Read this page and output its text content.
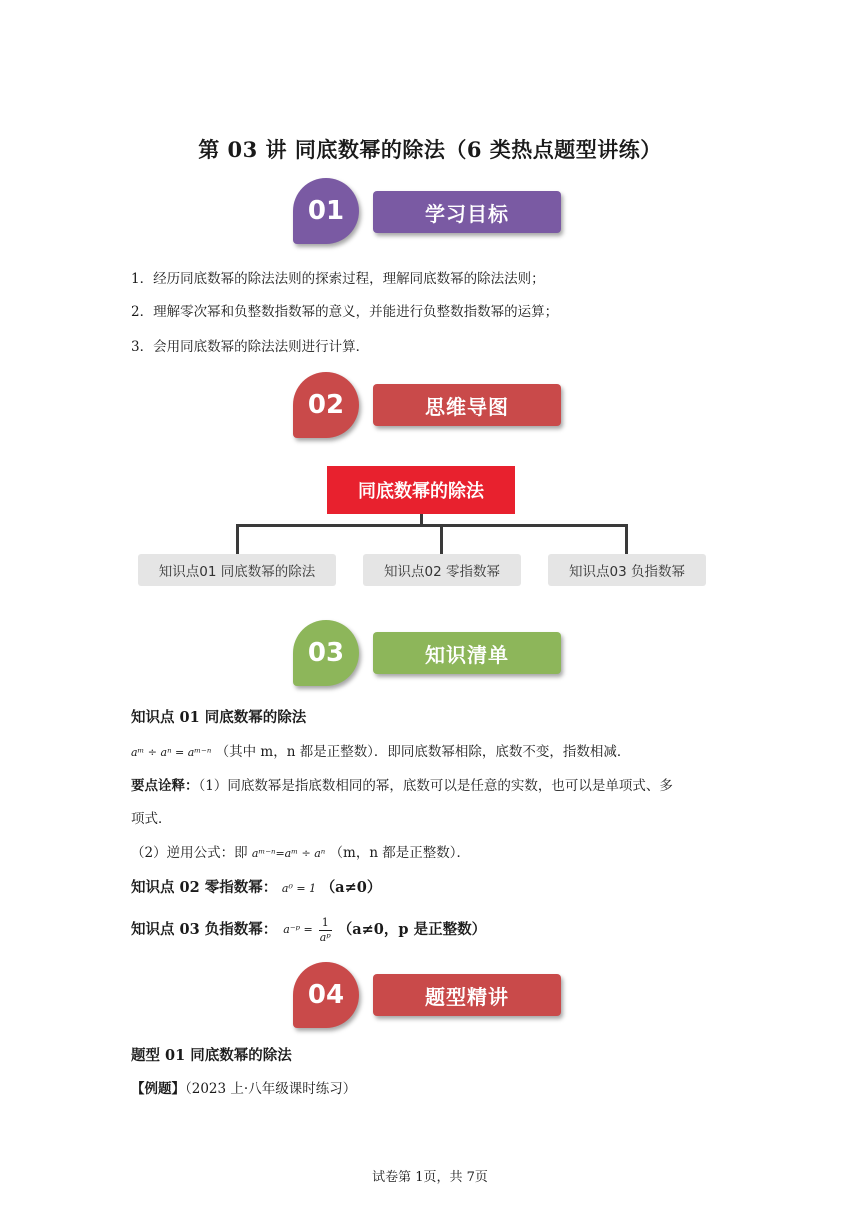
第 03 讲 同底数幂的除法（6 类热点题型讲练）
01	学习目标
1．经历同底数幂的除法法则的探索过程，理解同底数幂的除法法则；
2．理解零次幂和负整数指数幂的意义，并能进行负整数指数幂的运算；
3．会用同底数幂的除法法则进行计算．
02	思维导图
同底数幂的除法
知识点01 同底数幂的除法	知识点02 零指数幂	知识点03 负指数幂
03	知识清单
知识点 01 同底数幂的除法
aᵐ ÷ aⁿ = aᵐ⁻ⁿ （其中 m，n 都是正整数）．即同底数幂相除，底数不变，指数相减．
要点诠释：（1）同底数幂是指底数相同的幂，底数可以是任意的实数，也可以是单项式、多
项式．
（2）逆用公式：即 aᵐ⁻ⁿ=aᵐ ÷ aⁿ （m，n 都是正整数）．
知识点 02 零指数幂： a⁰ = 1 （a≠0）
知识点 03 负指数幂： a⁻ᵖ = $\frac{1}{\text{aᵖ}} (a\ne 0$，p 是正整数）
04	题型精讲
题型 01 同底数幂的除法
【例题】（2023 上·八年级课时练习）
试卷第 1页，共 7页
